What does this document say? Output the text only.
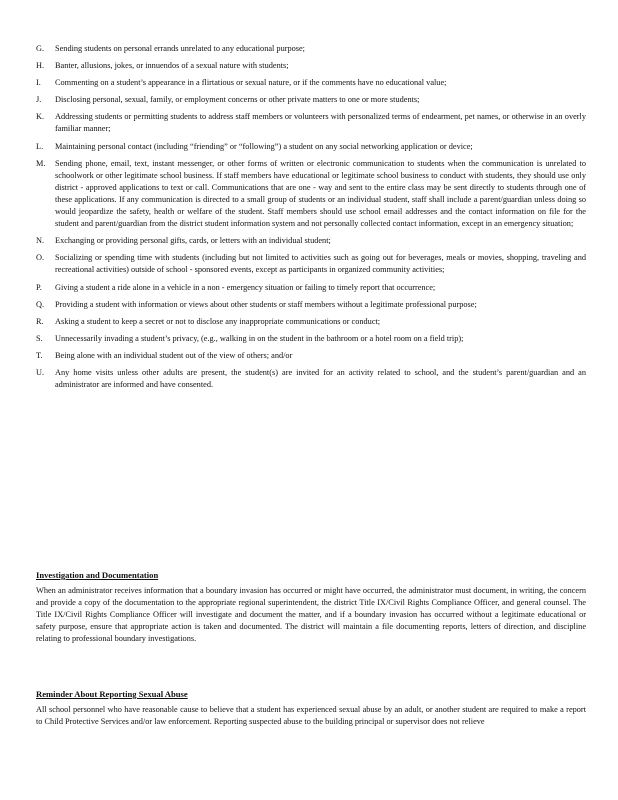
G.	Sending students on personal errands unrelated to any educational purpose;
H.	Banter, allusions, jokes, or innuendos of a sexual nature with students;
I.	Commenting on a student’s appearance in a flirtatious or sexual nature, or if the comments have no educational value;
J.	Disclosing personal, sexual, family, or employment concerns or other private matters to one or more students;
K.	Addressing students or permitting students to address staff members or volunteers with personalized terms of endearment, pet names, or otherwise in an overly familiar manner;
L.	Maintaining personal contact (including “friending” or “following”) a student on any social networking application or device;
M.	Sending phone, email, text, instant messenger, or other forms of written or electronic communication to students when the communication is unrelated to schoolwork or other legitimate school business. If staff members have educational or legitimate school business to conduct with students, they should use only district - approved applications to text or call. Communications that are one - way and sent to the entire class may be sent directly to students through one of these applications. If any communication is directed to a small group of students or an individual student, staff shall include a parent/guardian unless doing so would jeopardize the safety, health or welfare of the student. Staff members should use school email addresses and the contact information on file for the student and parent/guardian from the district student information system and not personally collected contact information, except in an emergency situation;
N.	Exchanging or providing personal gifts, cards, or letters with an individual student;
O.	Socializing or spending time with students (including but not limited to activities such as going out for beverages, meals or movies, shopping, traveling and recreational activities) outside of school - sponsored events, except as participants in organized community activities;
P.	Giving a student a ride alone in a vehicle in a non - emergency situation or failing to timely report that occurrence;
Q.	Providing a student with information or views about other students or staff members without a legitimate professional purpose;
R.	Asking a student to keep a secret or not to disclose any inappropriate communications or conduct;
S.	Unnecessarily invading a student’s privacy, (e.g., walking in on the student in the bathroom or a hotel room on a field trip);
T.	Being alone with an individual student out of the view of others; and/or
U.	Any home visits unless other adults are present, the student(s) are invited for an activity related to school, and the student’s parent/guardian and an administrator are informed and have consented.
Investigation and Documentation

When an administrator receives information that a boundary invasion has occurred or might have occurred, the administrator must document, in writing, the concern and provide a copy of the documentation to the appropriate regional superintendent, the district Title IX/Civil Rights Compliance Officer, and general counsel. The Title IX/Civil Rights Compliance Officer will investigate and document the matter, and if a boundary invasion has occurred without a legitimate educational or safety purpose, ensure that appropriate action is taken and documented. The district will maintain a file documenting reports, letters of direction, and discipline relating to professional boundary investigations.

Reminder About Reporting Sexual Abuse

All school personnel who have reasonable cause to believe that a student has experienced sexual abuse by an adult, or another student are required to make a report to Child Protective Services and/or law enforcement. Reporting suspected abuse to the building principal or supervisor does not relieve
